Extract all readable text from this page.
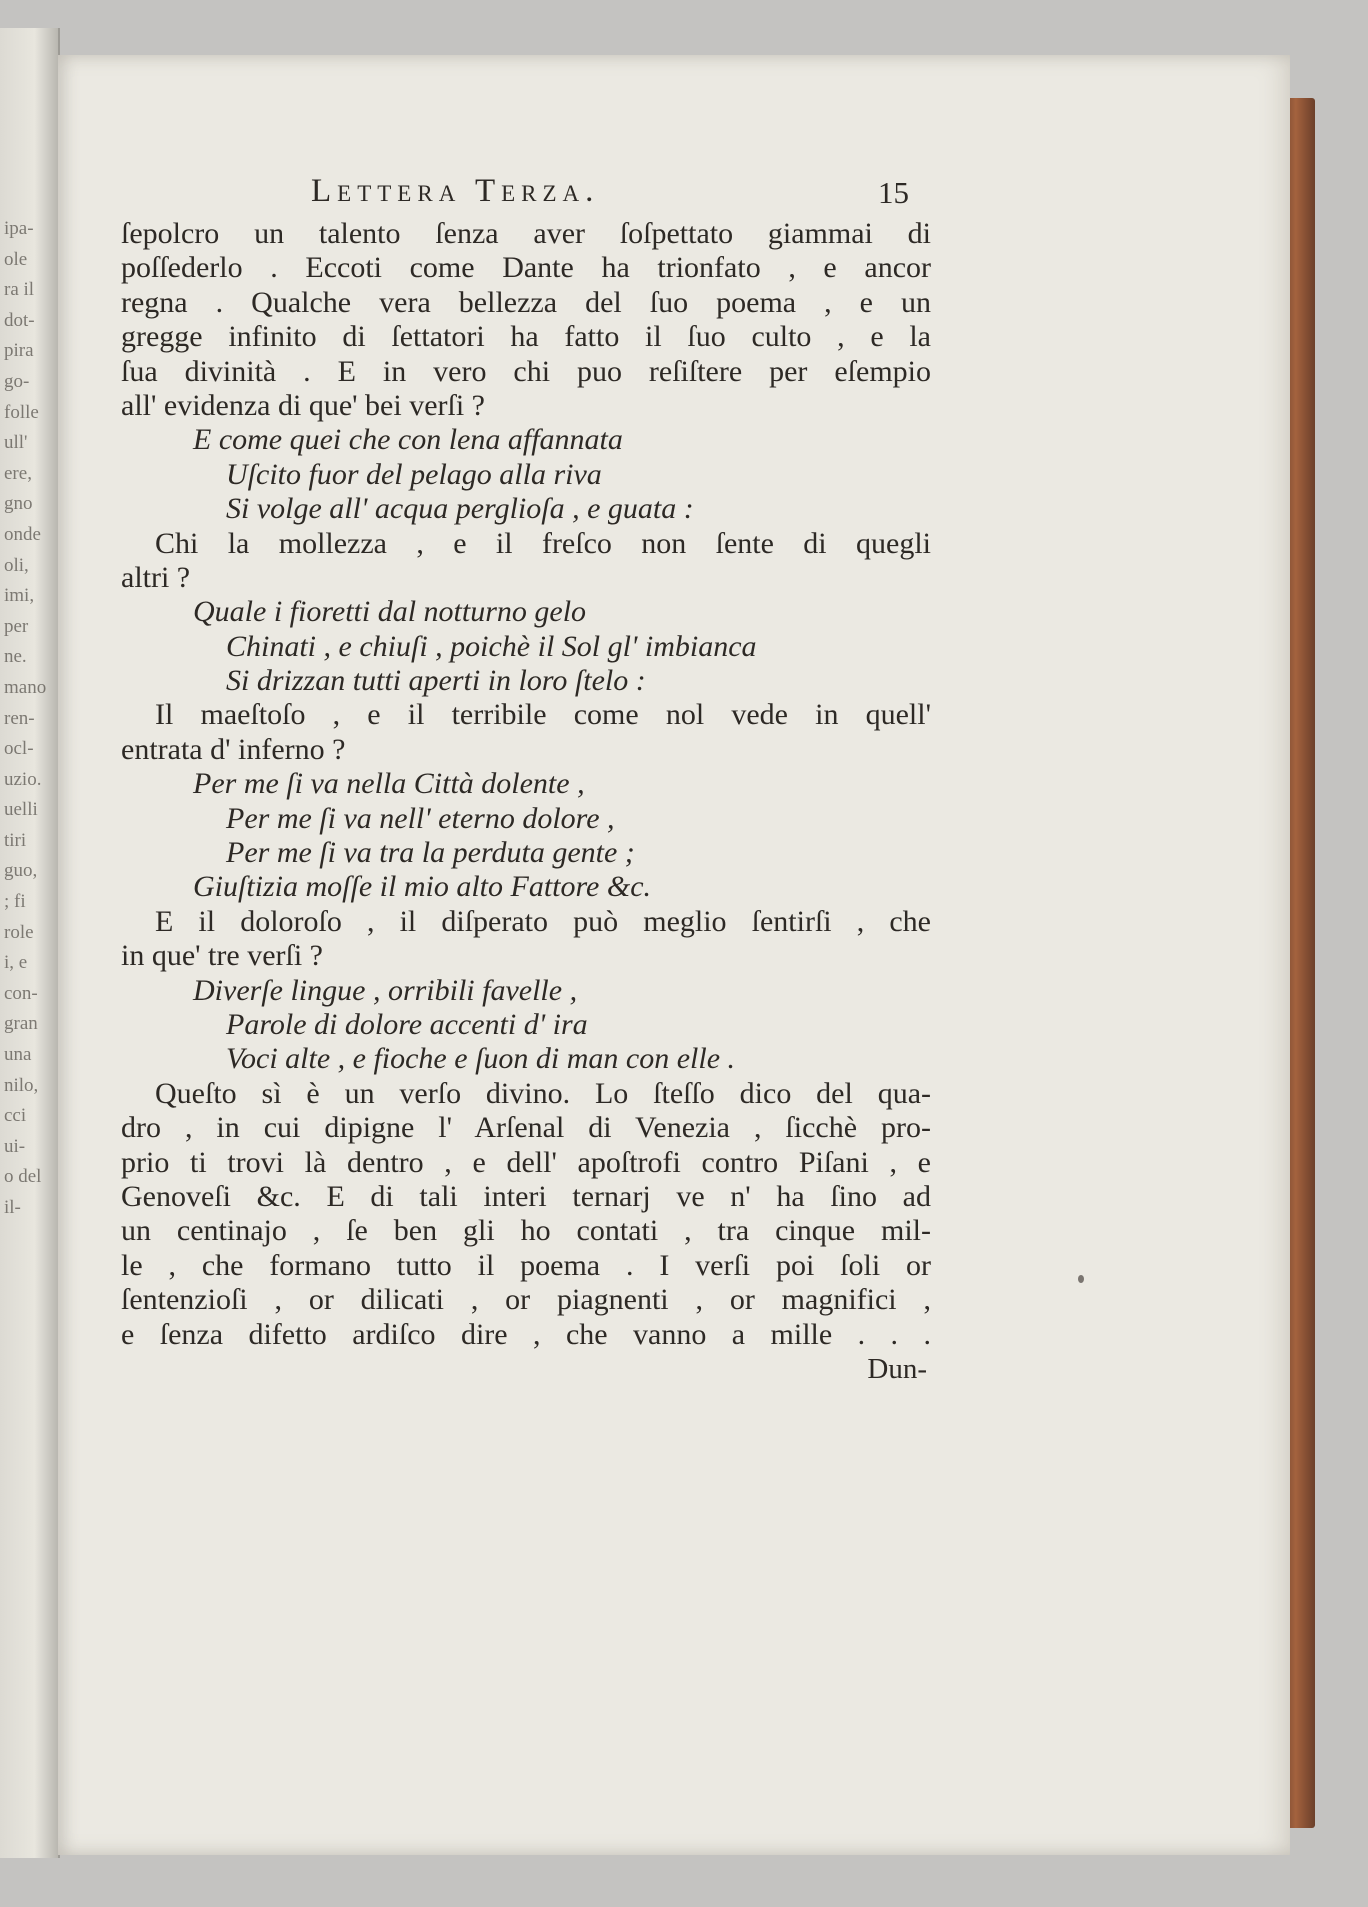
ipa-
ole
ra il
dot-
pira
go-
folle
ull'
ere,
gno
onde
oli,
imi,
per
ne.
mano
ren-
ocl-
uzio.
uelli
tiri
guo,
; fi
role
i, e
con-
gran
una
nilo,
cci
ui-
o del
il-
Lettera Terza.	15
ſepolcro un talento ſenza aver ſoſpettato giammai di
poſſederlo . Eccoti come Dante ha trionfato , e ancor
regna . Qualche vera bellezza del ſuo poema , e un
gregge infinito di ſettatori ha fatto il ſuo culto , e la
ſua divinità . E in vero chi puo reſiſtere per eſempio
all' evidenza di que' bei verſi ?
E come quei che con lena affannata
Uſcito fuor del pelago alla riva
Si volge all' acqua perglioſa , e guata :
Chi la mollezza , e il freſco non ſente di quegli
altri ?
Quale i fioretti dal notturno gelo
Chinati , e chiuſi , poichè il Sol gl' imbianca
Si drizzan tutti aperti in loro ſtelo :
Il maeſtoſo , e il terribile come nol vede in quell'
entrata d' inferno ?
Per me ſi va nella Città dolente ,
Per me ſi va nell' eterno dolore ,
Per me ſi va tra la perduta gente ;
Giuſtizia moſſe il mio alto Fattore &c.
E il doloroſo , il diſperato può meglio ſentirſi , che
in que' tre verſi ?
Diverſe lingue , orribili favelle ,
Parole di dolore accenti d' ira
Voci alte , e fioche e ſuon di man con elle .
Queſto sì è un verſo divino. Lo ſteſſo dico del qua-
dro , in cui dipigne l' Arſenal di Venezia , ſicchè pro-
prio ti trovi là dentro , e dell' apoſtrofi contro Piſani , e
Genoveſi &c. E di tali interi ternarj ve n' ha ſino ad
un centinajo , ſe ben gli ho contati , tra cinque mil-
le , che formano tutto il poema . I verſi poi ſoli or
ſentenzioſi , or dilicati , or piagnenti , or magnifici ,
e ſenza difetto ardiſco dire , che vanno a mille . . .
Dun-
